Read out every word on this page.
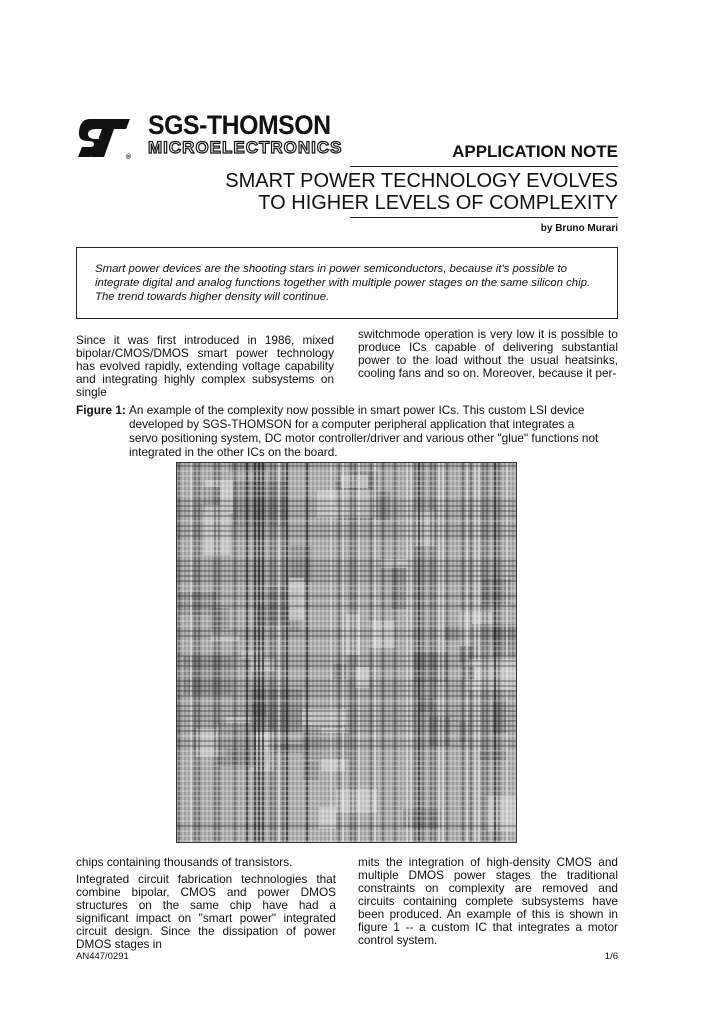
®
SGS-THOMSON
MICROELECTRONICS	APPLICATION NOTE
SMART POWER TECHNOLOGY EVOLVES
TO HIGHER LEVELS OF COMPLEXITY
by Bruno Murari
Smart power devices are the shooting stars in power semiconductors, because it's possible to integrate digital and analog functions together with multiple power stages on the same silicon chip. The trend towards higher density will continue.
Since it was first introduced in 1986, mixed bipolar/CMOS/DMOS smart power technology has evolved rapidly, extending voltage capability and integrating highly complex subsystems on single
switchmode operation is very low it is possible to produce ICs capable of delivering substantial power to the load without the usual heatsinks, cooling fans and so on. Moreover, because it per-
Figure 1: An example of the complexity now possible in smart power ICs. This custom LSI device developed by SGS-THOMSON for a computer peripheral application that integrates a servo positioning system, DC motor controller/driver and various other "glue" functions not integrated in the other ICs on the board.
chips containing thousands of transistors.
Integrated circuit fabrication technologies that combine bipolar, CMOS and power DMOS structures on the same chip have had a significant impact on "smart power" integrated circuit design. Since the dissipation of power DMOS stages in
mits the integration of high-density CMOS and multiple DMOS power stages the traditional constraints on complexity are removed and circuits containing complete subsystems have been produced. An example of this is shown in figure 1 -- a custom IC that integrates a motor control system.
AN447/0291	1/6
